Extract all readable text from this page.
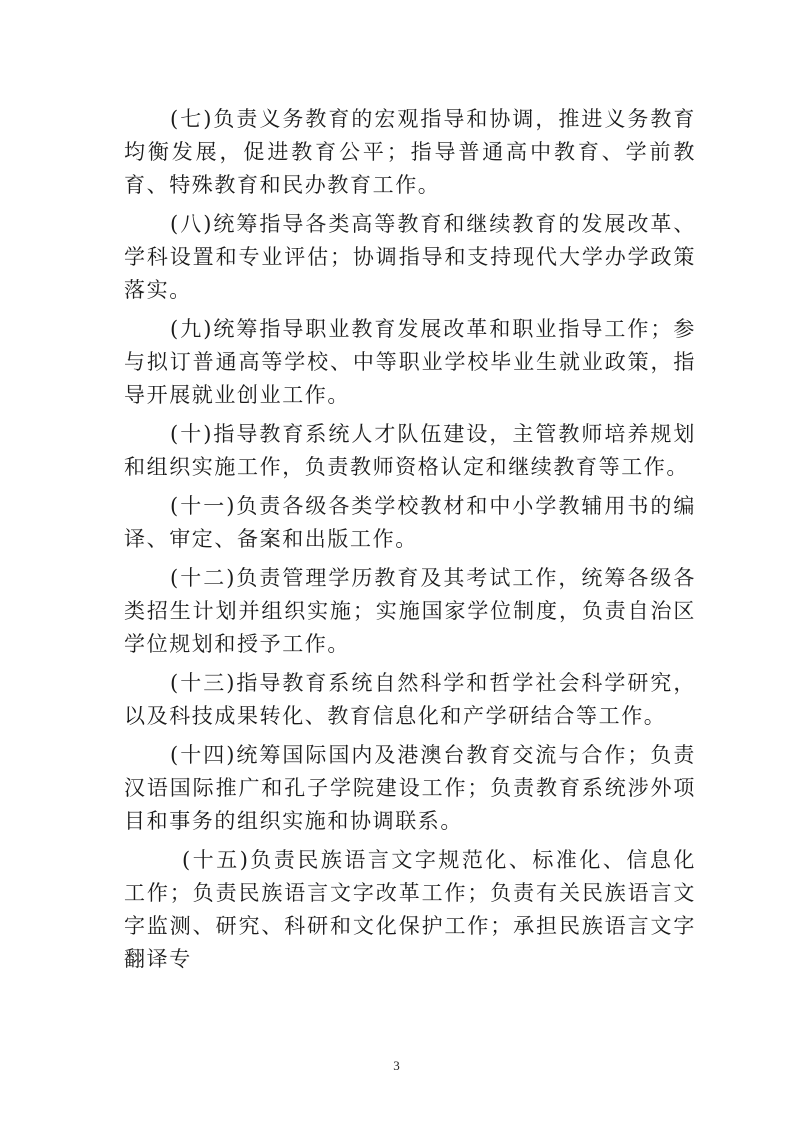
(七)负责义务教育的宏观指导和协调，推进义务教育均衡发展，促进教育公平；指导普通高中教育、学前教育、特殊教育和民办教育工作。

(八)统筹指导各类高等教育和继续教育的发展改革、学科设置和专业评估；协调指导和支持现代大学办学政策落实。

(九)统筹指导职业教育发展改革和职业指导工作；参与拟订普通高等学校、中等职业学校毕业生就业政策，指导开展就业创业工作。

(十)指导教育系统人才队伍建设，主管教师培养规划和组织实施工作，负责教师资格认定和继续教育等工作。

(十一)负责各级各类学校教材和中小学教辅用书的编译、审定、备案和出版工作。

(十二)负责管理学历教育及其考试工作，统筹各级各类招生计划并组织实施；实施国家学位制度，负责自治区学位规划和授予工作。

(十三)指导教育系统自然科学和哲学社会科学研究，以及科技成果转化、教育信息化和产学研结合等工作。

(十四)统筹国际国内及港澳台教育交流与合作；负责汉语国际推广和孔子学院建设工作；负责教育系统涉外项目和事务的组织实施和协调联系。

(十五)负责民族语言文字规范化、标准化、信息化工作；负责民族语言文字改革工作；负责有关民族语言文字监测、研究、科研和文化保护工作；承担民族语言文字翻译专

3
